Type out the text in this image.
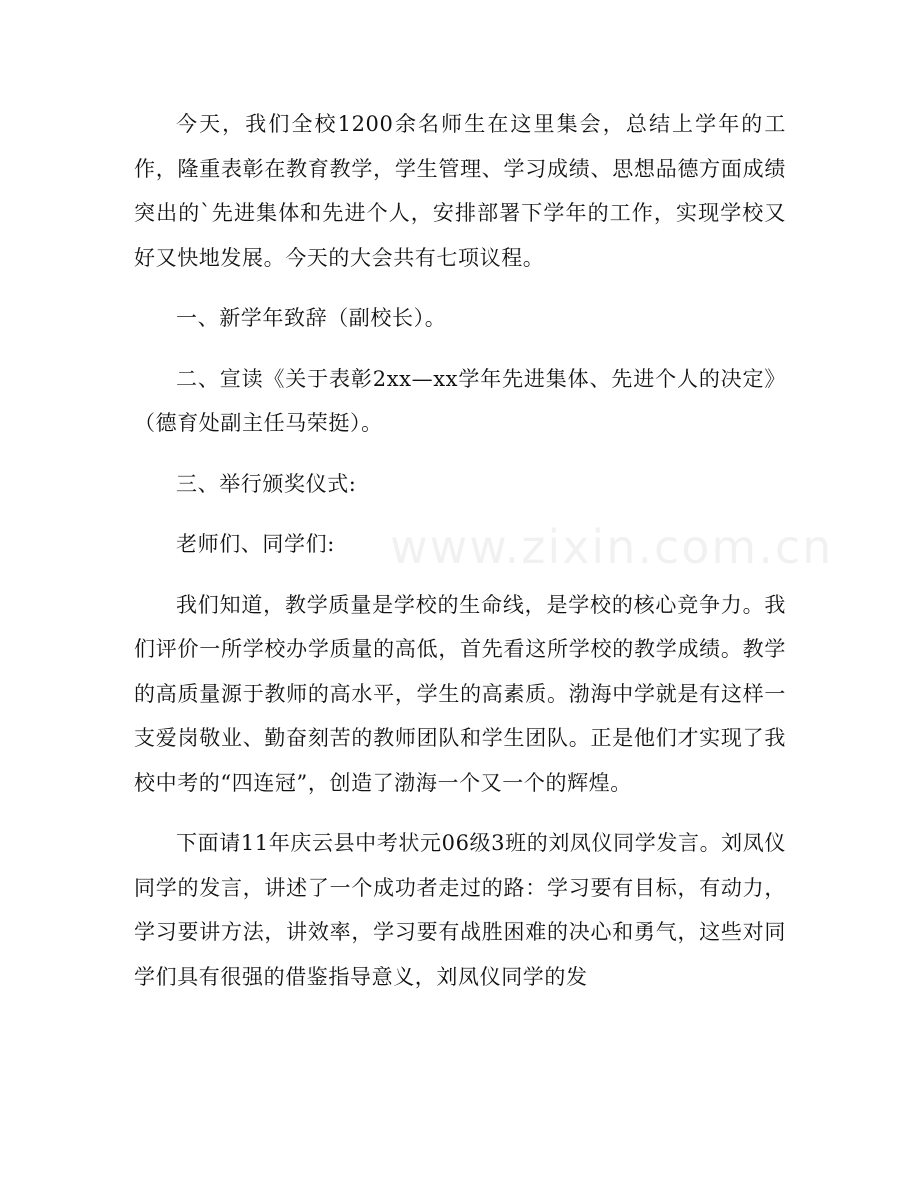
www.zixin.com.cn

今天，我们全校1200余名师生在这里集会，总结上学年的工作，隆重表彰在教育教学，学生管理、学习成绩、思想品德方面成绩突出的`先进集体和先进个人，安排部署下学年的工作，实现学校又好又快地发展。今天的大会共有七项议程。

一、新学年致辞（副校长）。

二、宣读《关于表彰2xx—xx学年先进集体、先进个人的决定》（德育处副主任马荣挺）。

三、举行颁奖仪式:

老师们、同学们:

我们知道，教学质量是学校的生命线，是学校的核心竞争力。我们评价一所学校办学质量的高低，首先看这所学校的教学成绩。教学的高质量源于教师的高水平，学生的高素质。渤海中学就是有这样一支爱岗敬业、勤奋刻苦的教师团队和学生团队。正是他们才实现了我校中考的“四连冠”，创造了渤海一个又一个的辉煌。

下面请11年庆云县中考状元06级3班的刘凤仪同学发言。刘凤仪同学的发言，讲述了一个成功者走过的路：学习要有目标，有动力，学习要讲方法，讲效率，学习要有战胜困难的决心和勇气，这些对同学们具有很强的借鉴指导意义，刘凤仪同学的发
